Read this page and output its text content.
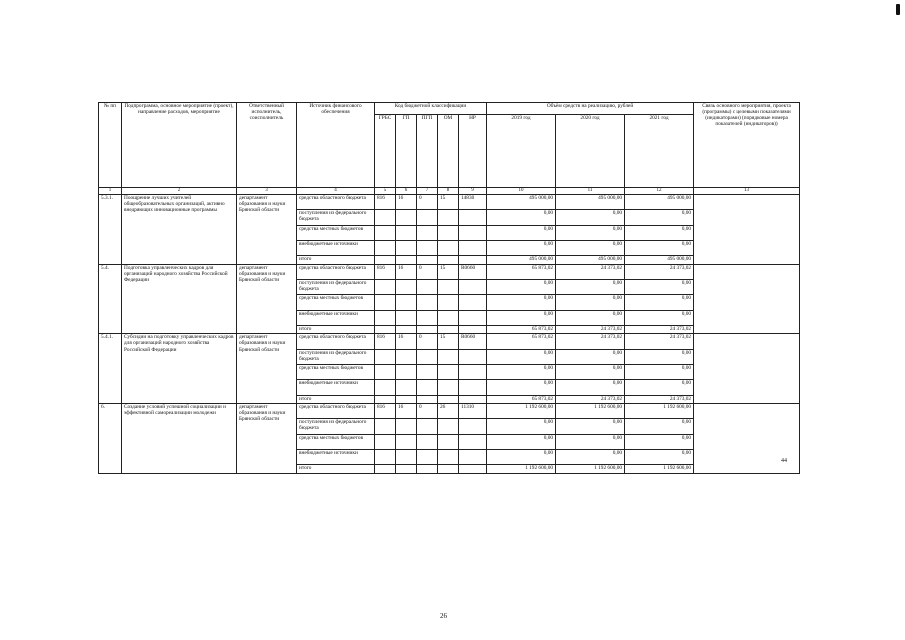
№ пп	Подпрограмма, основное мероприятие (проект), направление расходов, мероприятие	Ответственный исполнитель, соисполнитель	Источник финансового обеспечения	Код бюджетной классификации					Объём средств на реализацию, рублей			Связь основного мероприятия, проекта (программы) с целевыми показателями (индикаторами) (порядковые номера показателей (индикаторов))
				ГРБС	ГП	ПГП	ОМ	НР	2019 год	2020 год	2021 год	
1	2	3	4	5	6	7	8	9	10	11	12	13
5.3.1.	Поощрение лучших учителей общеобразовательных организаций, активно внедряющих инновационные программы	департамент образования и науки Брянской области	средства областного бюджета	816	16	0	15	14830	495 000,00	495 000,00	495 000,00	
			поступления из федерального бюджета						0,00	0,00	0,00	
			средства местных бюджетов						0,00	0,00	0,00	
			внебюджетные источники						0,00	0,00	0,00	
			итого						495 000,00	495 000,00	495 000,00	
5.4.	Подготовка управленческих кадров для организаций народного хозяйства Российской Федерации	департамент образования и науки Брянской области	средства областного бюджета	816	16	0	15	R0660	65 873,02	24 373,02	24 373,02	
			поступления из федерального бюджета						0,00	0,00	0,00	
			средства местных бюджетов						0,00	0,00	0,00	
			внебюджетные источники						0,00	0,00	0,00	
			итого						65 873,02	24 373,02	24 373,02	
5.4.1.	Субсидии на подготовку управленческих кадров для организаций народного хозяйства Российской Федерации	департамент образования и науки Брянской области	средства областного бюджета	816	16	0	15	R0660	65 873,02	24 373,02	24 373,02	
			поступления из федерального бюджета						0,00	0,00	0,00	
			средства местных бюджетов						0,00	0,00	0,00	
			внебюджетные источники						0,00	0,00	0,00	
			итого						65 873,02	24 373,02	24 373,02	
6.	Создание условий успешной социализации и эффективной самореализации молодежи	департамент образования и науки Брянской области	средства областного бюджета	816	16	0	26	11310	1 192 600,00	1 192 600,00	1 192 600,00	
			поступления из федерального бюджета						0,00	0,00	0,00	
			средства местных бюджетов						0,00	0,00	0,00	
			внебюджетные источники						0,00	0,00	0,00	
			итого						1 192 600,00	1 192 600,00	1 192 600,00	
44
26
